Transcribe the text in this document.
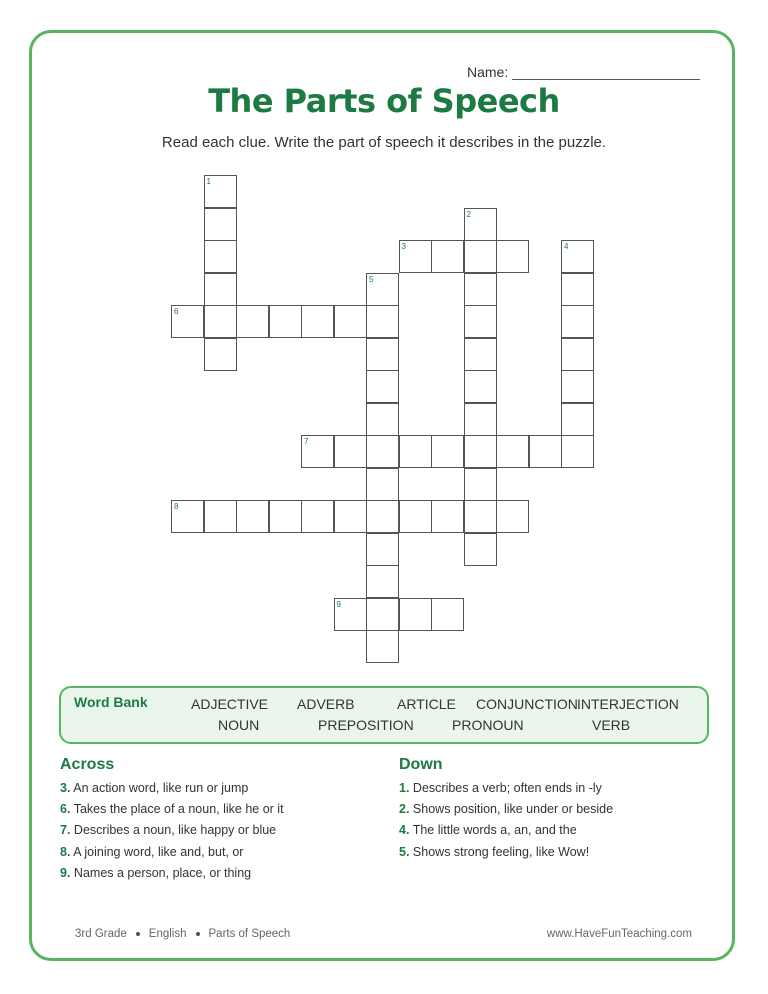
Name:
The Parts of Speech
Read each clue. Write the part of speech it describes in the puzzle.
1
2
3	4
5
6
7
8
9
Word Bank	ADJECTIVE ADVERB	ARTICLE CONJUNCTION INTERJECTION
NOUN	PREPOSITION	PRONOUN	VERB
Across
3. An action word, like run or jump
6. Takes the place of a noun, like he or it
7. Describes a noun, like happy or blue
8. A joining word, like and, but, or
9. Names a person, place, or thing
Down
1. Describes a verb; often ends in -ly
2. Shows position, like under or beside
4. The little words a, an, and the
5. Shows strong feeling, like Wow!
3rd Grade English Parts of Speech	www.HaveFunTeaching.com
